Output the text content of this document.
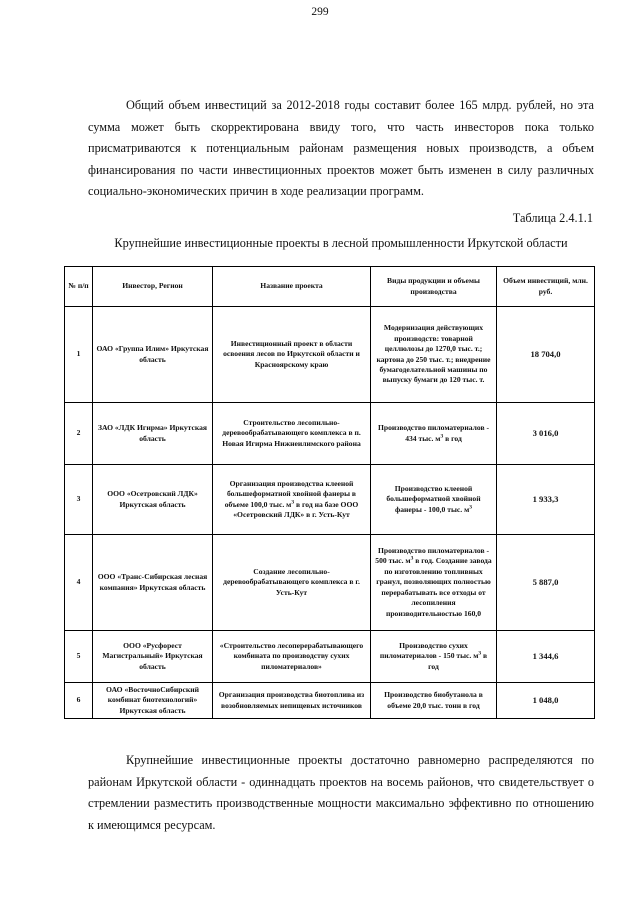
299

Общий объем инвестиций за 2012-2018 годы составит более 165 млрд. рублей, но эта сумма может быть скорректирована ввиду того, что часть инвесторов пока только присматриваются к потенциальным районам размещения новых производств, а объем финансирования по части инвестиционных проектов может быть изменен в силу различных социально-экономических причин в ходе реализации программ.

Таблица 2.4.1.1
Крупнейшие инвестиционные проекты в лесной промышленности Иркутской области
№ п/п	Инвестор, Регион	Название проекта	Виды продукции и объемы производства	Объем инвестиций, млн. руб.
1	ОАО «Группа Илим» Иркутская область	Инвестиционный проект в области освоения лесов по Иркутской области и Красноярскому краю	Модернизация действующих производств: товарной целлюлозы до 1270,0 тыс. т.; картона до 250 тыс. т.; внедрение бумагоделательной машины по выпуску бумаги до 120 тыс. т.	18 704,0
2	ЗАО «ЛДК Игирма» Иркутская область	Строительство лесопильно-деревообрабатывающего комплекса в п. Новая Игирма Нижнеилимского района	Производство пиломатериалов - 434 тыс. $м^3$ в год	3 016,0
3	ООО «Осетровский ЛДК» Иркутская область	Организация производства клееной большеформатной хвойной фанеры в объеме 100,0 тыс. $м^3$ в год на базе ООО «Осетровский ЛДК» в г. Усть-Кут	Производство клееной большеформатной хвойной фанеры - 100,0 тыс. $м^3$	1 933,3
4	ООО «Транс-Сибирская лесная компания» Иркутская область	Создание лесопильно-деревообрабатывающего комплекса в г. Усть-Кут	Производство пиломатериалов - 500 тыс. $м^3$ в год. Создание завода по изготовлению топливных гранул, позволяющих полностью перерабатывать все отходы от лесопиления производительностью 160,0	5 887,0
5	ООО «Русфорест Магистральный» Иркутская область	«Строительство лесоперерабатывающего комбината по производству сухих пиломатериалов»	Производство сухих пиломатериалов - 150 тыс. $м^3$ в год	1 344,6
6	ОАО «ВосточноСибирский комбинат биотехнологий» Иркутская область	Организация производства биотоплива из возобновляемых непищевых источников	Производство биобутанола в объеме 20,0 тыс. тонн в год	1 048,0

Крупнейшие инвестиционные проекты достаточно равномерно распределяются по районам Иркутской области - одиннадцать проектов на восемь районов, что свидетельствует о стремлении разместить производственные мощности максимально эффективно по отношению к имеющимся ресурсам.
